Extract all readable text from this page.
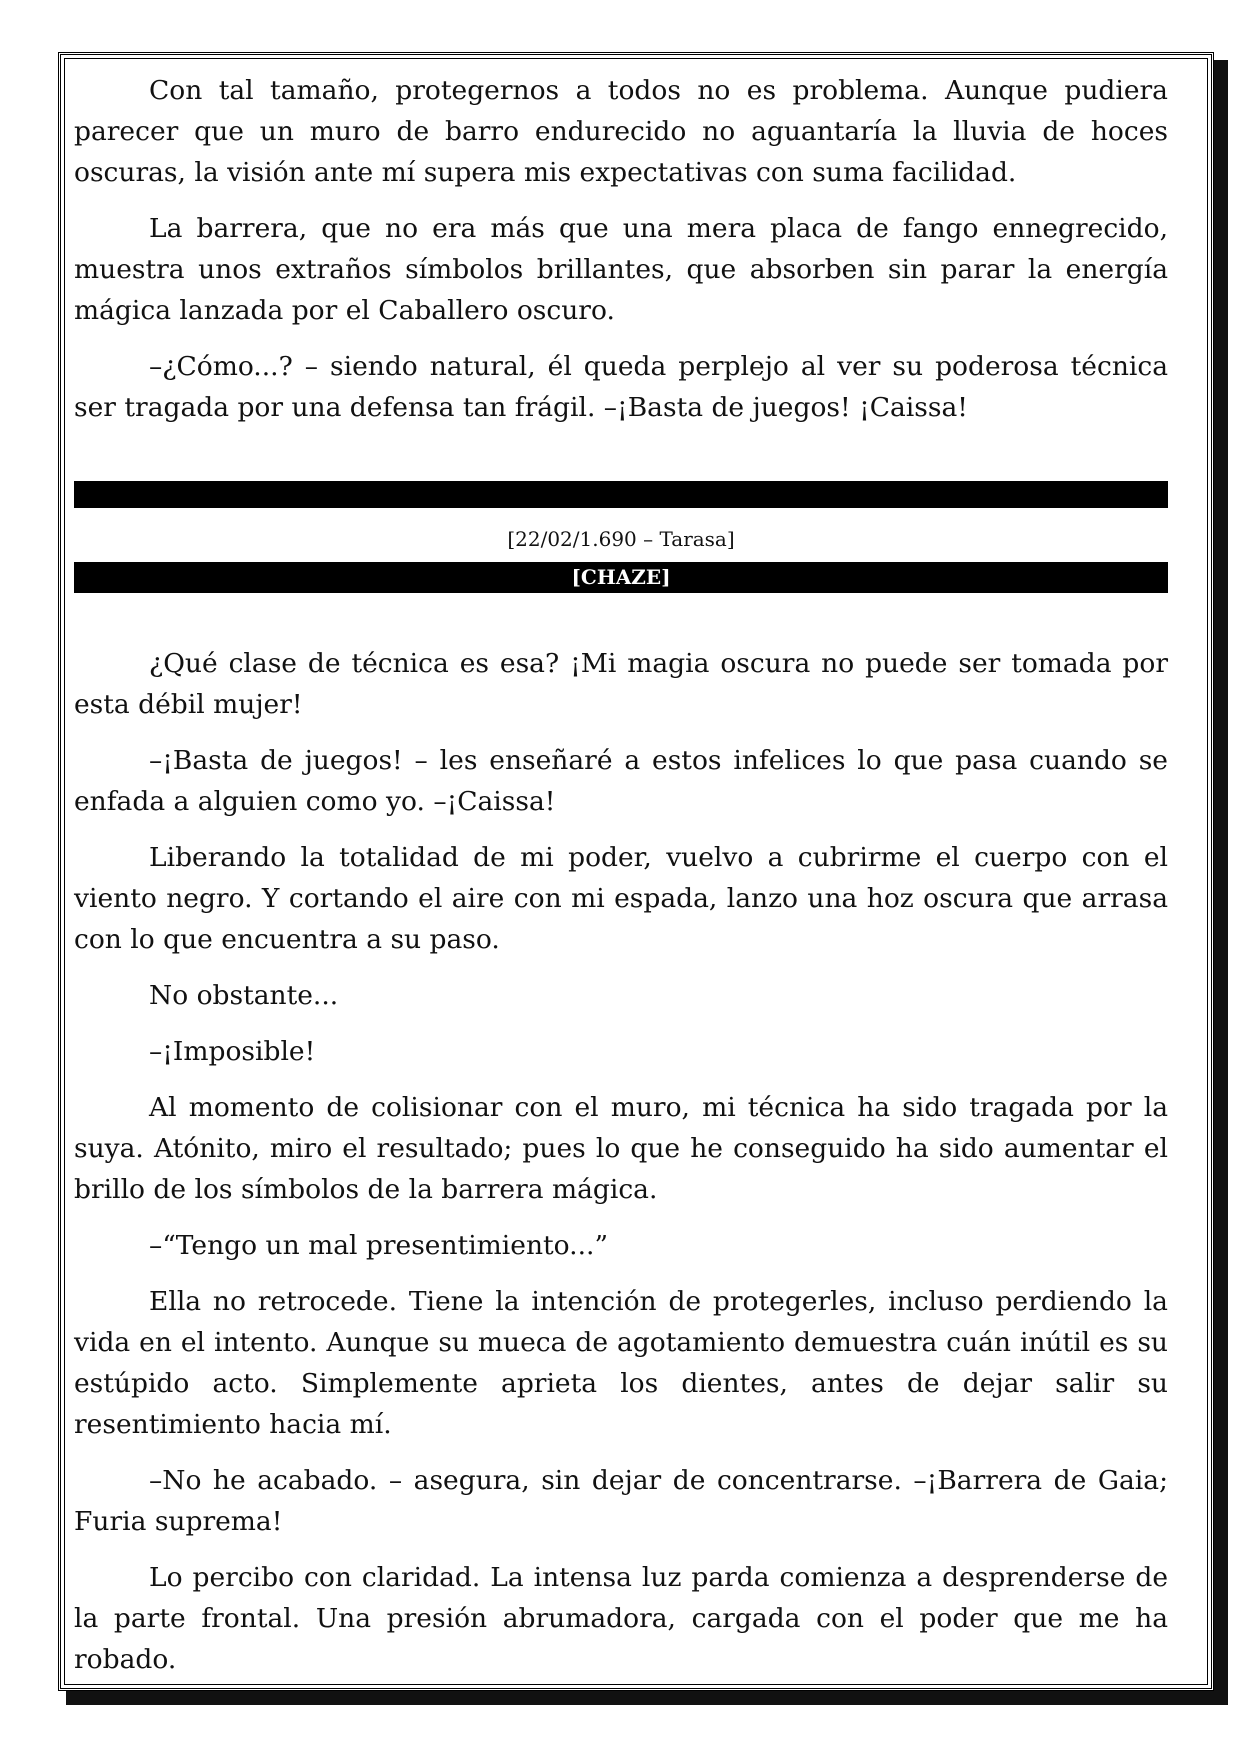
Con tal tamaño, protegernos a todos no es problema. Aunque pudiera parecer que un muro de barro endurecido no aguantaría la lluvia de hoces oscuras, la visión ante mí supera mis expectativas con suma facilidad.

La barrera, que no era más que una mera placa de fango ennegrecido, muestra unos extraños símbolos brillantes, que absorben sin parar la energía mágica lanzada por el Caballero oscuro.

–¿Cómo...? – siendo natural, él queda perplejo al ver su poderosa técnica ser tragada por una defensa tan frágil. –¡Basta de juegos! ¡Caissa!

[22/02/1.690 – Tarasa]
[CHAZE]

¿Qué clase de técnica es esa? ¡Mi magia oscura no puede ser tomada por esta débil mujer!

–¡Basta de juegos! – les enseñaré a estos infelices lo que pasa cuando se enfada a alguien como yo. –¡Caissa!

Liberando la totalidad de mi poder, vuelvo a cubrirme el cuerpo con el viento negro. Y cortando el aire con mi espada, lanzo una hoz oscura que arrasa con lo que encuentra a su paso.

No obstante...

–¡Imposible!

Al momento de colisionar con el muro, mi técnica ha sido tragada por la suya. Atónito, miro el resultado; pues lo que he conseguido ha sido aumentar el brillo de los símbolos de la barrera mágica.

–“Tengo un mal presentimiento...”

Ella no retrocede. Tiene la intención de protegerles, incluso perdiendo la vida en el intento. Aunque su mueca de agotamiento demuestra cuán inútil es su estúpido acto. Simplemente aprieta los dientes, antes de dejar salir su resentimiento hacia mí.

–No he acabado. – asegura, sin dejar de concentrarse. –¡Barrera de Gaia; Furia suprema!

Lo percibo con claridad. La intensa luz parda comienza a desprenderse de la parte frontal. Una presión abrumadora, cargada con el poder que me ha robado.
